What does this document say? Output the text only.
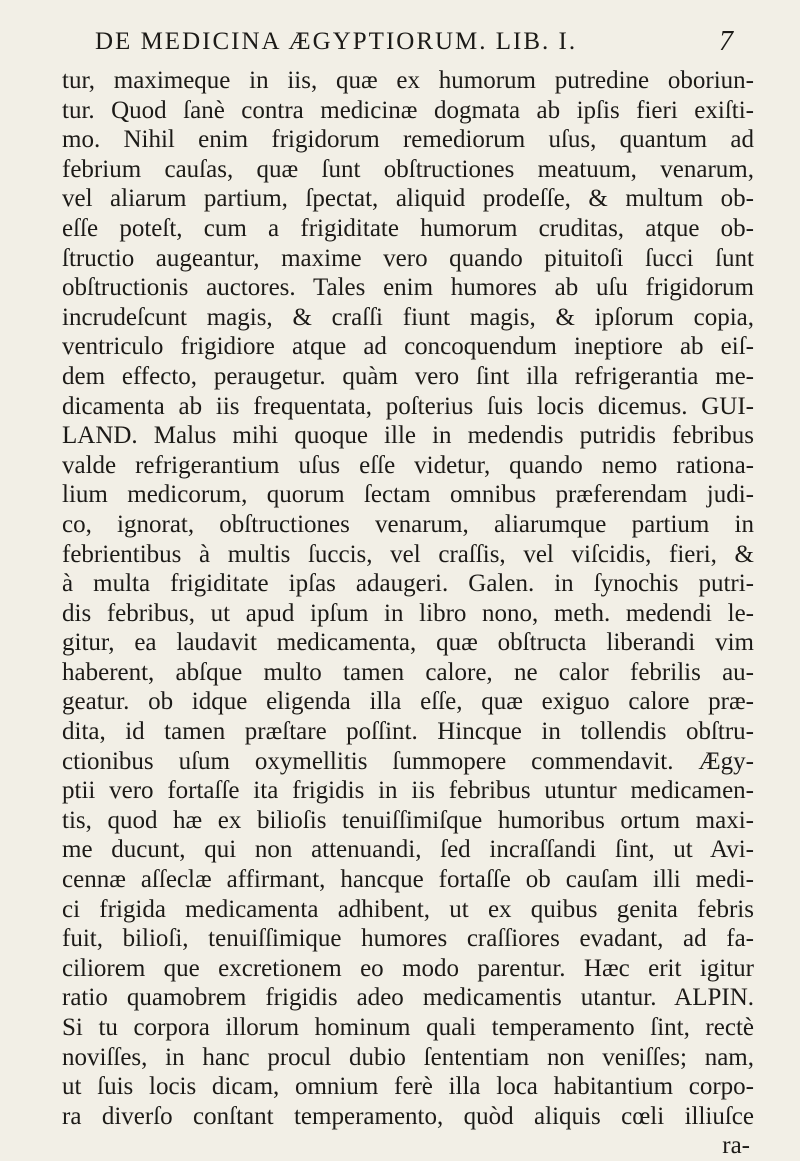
DE MEDICINA ÆGYPTIORUM. LIB. I.	7
tur, maximeque in iis, quæ ex humorum putredine oboriun-
tur. Quod ſanè contra medicinæ dogmata ab ipſis fieri exiſti-
mo. Nihil enim frigidorum remediorum uſus, quantum ad
febrium cauſas, quæ ſunt obſtructiones meatuum, venarum,
vel aliarum partium, ſpectat, aliquid prodeſſe, & multum ob-
eſſe poteſt, cum a frigiditate humorum cruditas, atque ob-
ſtructio augeantur, maxime vero quando pituitoſi ſucci ſunt
obſtructionis auctores. Tales enim humores ab uſu frigidorum
incrudeſcunt magis, & craſſi fiunt magis, & ipſorum copia,
ventriculo frigidiore atque ad concoquendum ineptiore ab eiſ-
dem effecto, peraugetur. quàm vero ſint illa refrigerantia me-
dicamenta ab iis frequentata, poſterius ſuis locis dicemus. GUI-
LAND. Malus mihi quoque ille in medendis putridis febribus
valde refrigerantium uſus eſſe videtur, quando nemo rationa-
lium medicorum, quorum ſectam omnibus præferendam judi-
co, ignorat, obſtructiones venarum, aliarumque partium in
febrientibus à multis ſuccis, vel craſſis, vel viſcidis, fieri, &
à multa frigiditate ipſas adaugeri. Galen. in ſynochis putri-
dis febribus, ut apud ipſum in libro nono, meth. medendi le-
gitur, ea laudavit medicamenta, quæ obſtructa liberandi vim
haberent, abſque multo tamen calore, ne calor febrilis au-
geatur. ob idque eligenda illa eſſe, quæ exiguo calore præ-
dita, id tamen præſtare poſſint. Hincque in tollendis obſtru-
ctionibus uſum oxymellitis ſummopere commendavit. Ægy-
ptii vero fortaſſe ita frigidis in iis febribus utuntur medicamen-
tis, quod hæ ex bilioſis tenuiſſimiſque humoribus ortum maxi-
me ducunt, qui non attenuandi, ſed incraſſandi ſint, ut Avi-
cennæ aſſeclæ affirmant, hancque fortaſſe ob cauſam illi medi-
ci frigida medicamenta adhibent, ut ex quibus genita febris
fuit, bilioſi, tenuiſſimique humores craſſiores evadant, ad fa-
ciliorem que excretionem eo modo parentur. Hæc erit igitur
ratio quamobrem frigidis adeo medicamentis utantur. ALPIN.
Si tu corpora illorum hominum quali temperamento ſint, rectè
noviſſes, in hanc procul dubio ſententiam non veniſſes; nam,
ut ſuis locis dicam, omnium ferè illa loca habitantium corpo-
ra diverſo conſtant temperamento, quòd aliquis cœli illiuſce
ra-
